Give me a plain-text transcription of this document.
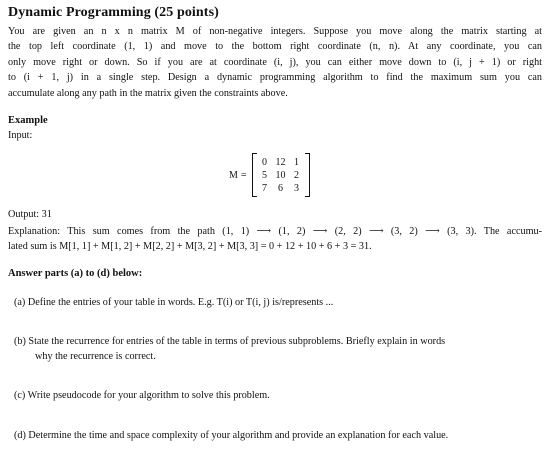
Dynamic Programming (25 points)
You are given an n x n matrix M of non-negative integers. Suppose you move along the matrix starting at
the top left coordinate (1, 1) and move to the bottom right coordinate (n, n). At any coordinate, you can
only move right or down. So if you are at coordinate (i, j), you can either move down to (i, j + 1) or right
to (i + 1, j) in a single step. Design a dynamic programming algorithm to find the maximum sum you can
accumulate along any path in the matrix given the constraints above.
Example
Input:
M =
0 12 1
5 10 2
7	6	3
Output: 31
Explanation: This sum comes from the path (1, 1) ⟶ (1, 2) ⟶ (2, 2) ⟶ (3, 2) ⟶ (3, 3). The accumu-
lated sum is M[1, 1] + M[1, 2] + M[2, 2] + M[3, 2] + M[3, 3] = 0 + 12 + 10 + 6 + 3 = 31.
Answer parts (a) to (d) below:
(a) Define the entries of your table in words. E.g. T(i) or T(i, j) is/represents ...
(b) State the recurrence for entries of the table in terms of previous subproblems. Briefly explain in words
why the recurrence is correct.
(c) Write pseudocode for your algorithm to solve this problem.
(d) Determine the time and space complexity of your algorithm and provide an explanation for each value.
